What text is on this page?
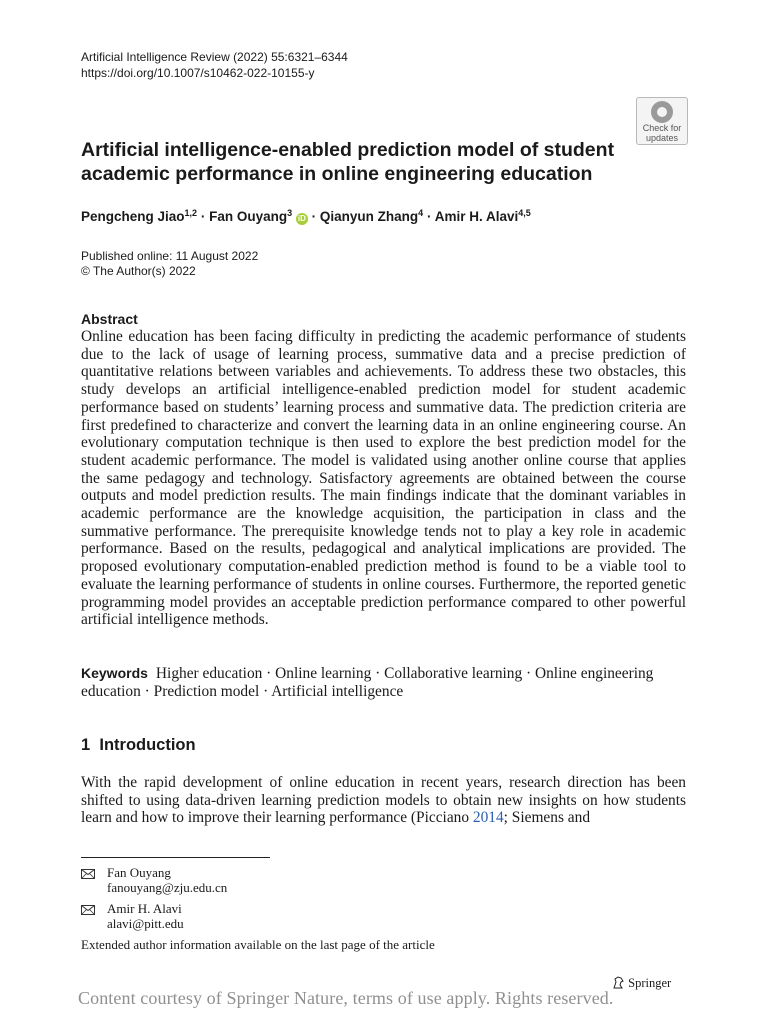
Artificial Intelligence Review (2022) 55:6321–6344
https://doi.org/10.1007/s10462-022-10155-y
Check for
updates
Artificial intelligence-enabled prediction model of student academic performance in online engineering education
Pengcheng Jiao$^{1,2}$ · Fan Ouyang$^3$ iD · Qianyun Zhang$^4$ · Amir H. Alavi$^{4,5}$
Published online: 11 August 2022
© The Author(s) 2022
Abstract
Online education has been facing difficulty in predicting the academic performance of students due to the lack of usage of learning process, summative data and a precise prediction of quantitative relations between variables and achievements. To address these two obstacles, this study develops an artificial intelligence-enabled prediction model for student academic performance based on students’ learning process and summative data. The prediction criteria are first predefined to characterize and convert the learning data in an online engineering course. An evolutionary computation technique is then used to explore the best prediction model for the student academic performance. The model is validated using another online course that applies the same pedagogy and technology. Satisfactory agreements are obtained between the course outputs and model prediction results. The main findings indicate that the dominant variables in academic performance are the knowledge acquisition, the participation in class and the summative performance. The prerequisite knowledge tends not to play a key role in academic performance. Based on the results, pedagogical and analytical implications are provided. The proposed evolutionary computation-enabled prediction method is found to be a viable tool to evaluate the learning performance of students in online courses. Furthermore, the reported genetic programming model provides an acceptable prediction performance compared to other powerful artificial intelligence methods.
Keywords Higher education · Online learning · Collaborative learning · Online engineering education · Prediction model · Artificial intelligence
1 Introduction
With the rapid development of online education in recent years, research direction has been shifted to using data-driven learning prediction models to obtain new insights on how students learn and how to improve their learning performance (Picciano 2014; Siemens and
Fan Ouyang
fanouyang@zju.edu.cn
Amir H. Alavi
alavi@pitt.edu
Extended author information available on the last page of the article
Springer
Content courtesy of Springer Nature, terms of use apply. Rights reserved.
